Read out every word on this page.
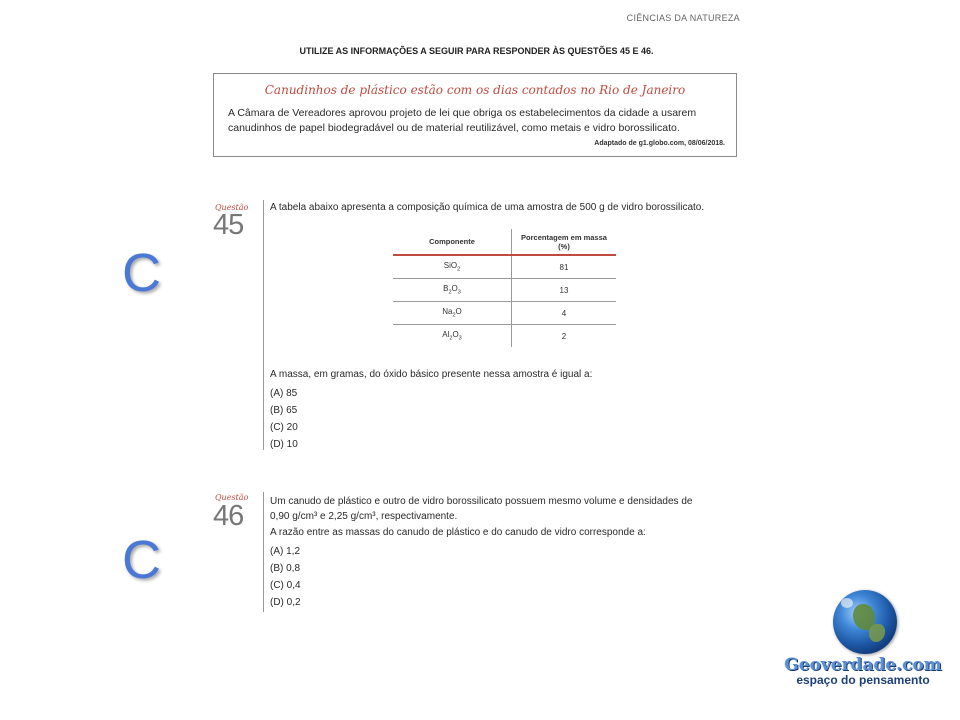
CIÊNCIAS DA NATUREZA
UTILIZE AS INFORMAÇÕES A SEGUIR PARA RESPONDER ÀS QUESTÕES 45 E 46.
Canudinhos de plástico estão com os dias contados no Rio de Janeiro
A Câmara de Vereadores aprovou projeto de lei que obriga os estabelecimentos da cidade a usarem canudinhos de papel biodegradável ou de material reutilizável, como metais e vidro borossilicato.
Adaptado de g1.globo.com, 08/06/2018.
Questão
45
A tabela abaixo apresenta a composição química de uma amostra de 500 g de vidro borossilicato.
Componente	Porcentagem em massa (%)
SiO$_2$	81
$B_2O_3$	13
$Na_2O$	4
$Al_2O_3$	2
A massa, em gramas, do óxido básico presente nessa amostra é igual a:
(A) 85
(B) 65
(C) 20
(D) 10
C
Questão
46	Um canudo de plástico e outro de vidro borossilicato possuem mesmo volume e densidades de
0,90 g/cm³ e 2,25 g/cm³, respectivamente.
A razão entre as massas do canudo de plástico e do canudo de vidro corresponde a:
(A) 1,2
(B) 0,8
(C) 0,4
(D) 0,2
C
Geoverdade.com
espaço do pensamento
